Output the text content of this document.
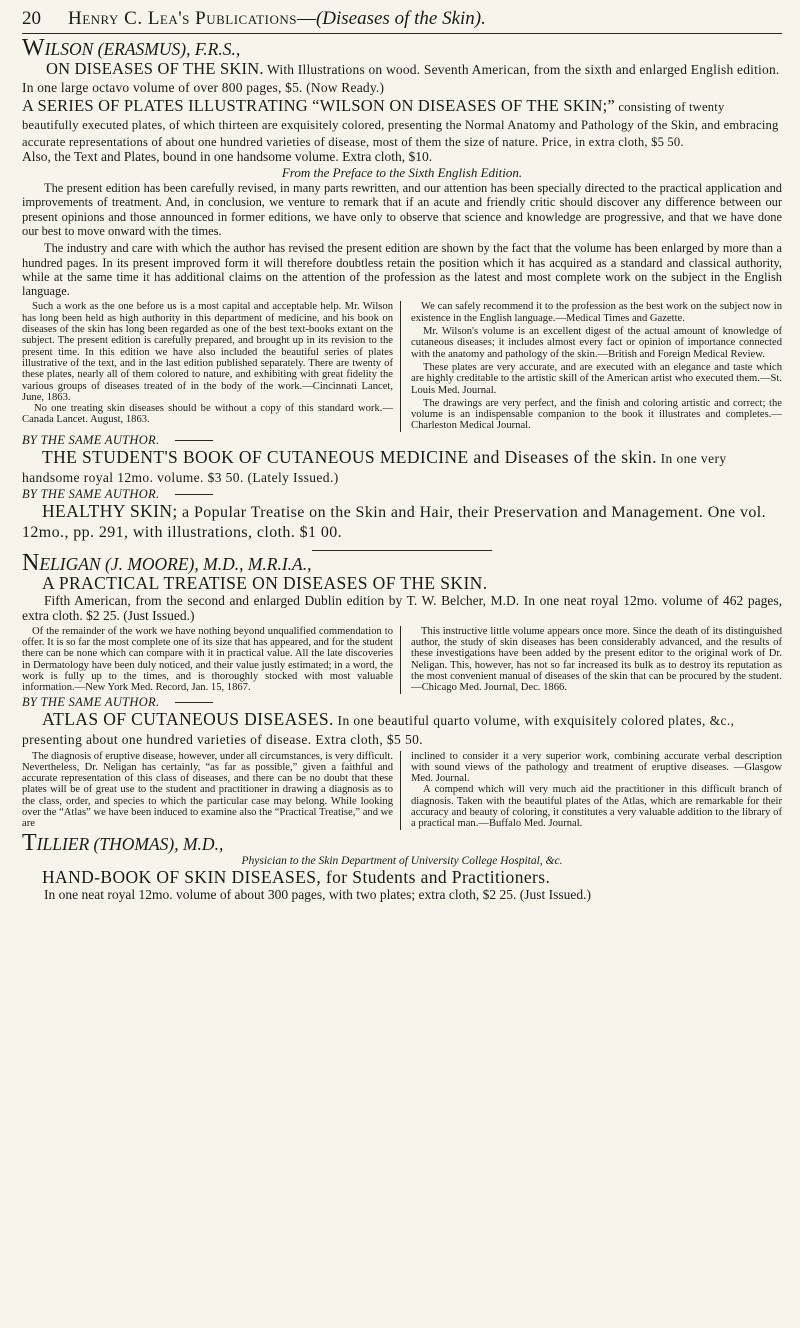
20	Henry C. Lea's Publications — (Diseases of the Skin).

WILSON (ERASMUS), F.R.S.,

ON DISEASES OF THE SKIN. With Illustrations on wood. Seventh American, from the sixth and enlarged English edition. In one large octavo volume of over 800 pages, $5. (Now Ready.)

A SERIES OF PLATES ILLUSTRATING “WILSON ON DISEASES OF THE SKIN;” consisting of twenty beautifully executed plates, of which thirteen are exquisitely colored, presenting the Normal Anatomy and Pathology of the Skin, and embracing accurate representations of about one hundred varieties of disease, most of them the size of nature. Price, in extra cloth, $5 50.

Also, the Text and Plates, bound in one handsome volume. Extra cloth, $10.

From the Preface to the Sixth English Edition.

The present edition has been carefully revised, in many parts rewritten, and our attention has been specially directed to the practical application and improvements of treatment. And, in conclusion, we venture to remark that if an acute and friendly critic should discover any difference between our present opinions and those announced in former editions, we have only to observe that science and knowledge are progressive, and that we have done our best to move onward with the times.

The industry and care with which the author has revised the present edition are shown by the fact that the volume has been enlarged by more than a hundred pages. In its present improved form it will therefore doubtless retain the position which it has acquired as a standard and classical authority, while at the same time it has additional claims on the attention of the profession as the latest and most complete work on the subject in the English language.

Such a work as the one before us is a most capital and acceptable help. Mr. Wilson has long been held as high authority in this department of medicine, and his book on diseases of the skin has long been regarded as one of the best text-books extant on the subject. The present edition is carefully prepared, and brought up in its revision to the present time. In this edition we have also included the beautiful series of plates illustrative of the text, and in the last edition published separately. There are twenty of these plates, nearly all of them colored to nature, and exhibiting with great fidelity the various groups of diseases treated of in the body of the work.—Cincinnati Lancet, June, 1863.

No one treating skin diseases should be without a copy of this standard work.— Canada Lancet. August, 1863.

We can safely recommend it to the profession as the best work on the subject now in existence in the English language.—Medical Times and Gazette.

Mr. Wilson's volume is an excellent digest of the actual amount of knowledge of cutaneous diseases; it includes almost every fact or opinion of importance connected with the anatomy and pathology of the skin.—British and Foreign Medical Review.

These plates are very accurate, and are executed with an elegance and taste which are highly creditable to the artistic skill of the American artist who executed them.—St. Louis Med. Journal.

The drawings are very perfect, and the finish and coloring artistic and correct; the volume is an indispensable companion to the book it illustrates and completes.—Charleston Medical Journal.

BY THE SAME AUTHOR.

THE STUDENT'S BOOK OF CUTANEOUS MEDICINE and Diseases of the skin. In one very handsome royal 12mo. volume. $3 50. (Lately Issued.)

BY THE SAME AUTHOR.

HEALTHY SKIN; a Popular Treatise on the Skin and Hair, their Preservation and Management. One vol. 12mo., pp. 291, with illustrations, cloth. $1 00.

NELIGAN (J. MOORE), M.D., M.R.I.A.,

A PRACTICAL TREATISE ON DISEASES OF THE SKIN.

Fifth American, from the second and enlarged Dublin edition by T. W. Belcher, M.D. In one neat royal 12mo. volume of 462 pages, extra cloth. $2 25. (Just Issued.)

Of the remainder of the work we have nothing beyond unqualified commendation to offer. It is so far the most complete one of its size that has appeared, and for the student there can be none which can compare with it in practical value. All the late discoveries in Dermatology have been duly noticed, and their value justly estimated; in a word, the work is fully up to the times, and is thoroughly stocked with most valuable information.—New York Med. Record, Jan. 15, 1867.

This instructive little volume appears once more. Since the death of its distinguished author, the study of skin diseases has been considerably advanced, and the results of these investigations have been added by the present editor to the original work of Dr. Neligan. This, however, has not so far increased its bulk as to destroy its reputation as the most convenient manual of diseases of the skin that can be procured by the student.—Chicago Med. Journal, Dec. 1866.

BY THE SAME AUTHOR.

ATLAS OF CUTANEOUS DISEASES. In one beautiful quarto volume, with exquisitely colored plates, &c., presenting about one hundred varieties of disease. Extra cloth, $5 50.

The diagnosis of eruptive disease, however, under all circumstances, is very difficult. Nevertheless, Dr. Neligan has certainly, “as far as possible,” given a faithful and accurate representation of this class of diseases, and there can be no doubt that these plates will be of great use to the student and practitioner in drawing a diagnosis as to the class, order, and species to which the particular case may belong. While looking over the “Atlas” we have been induced to examine also the “Practical Treatise,” and we are

inclined to consider it a very superior work, combining accurate verbal description with sound views of the pathology and treatment of eruptive diseases. —Glasgow Med. Journal.

A compend which will very much aid the practitioner in this difficult branch of diagnosis. Taken with the beautiful plates of the Atlas, which are remarkable for their accuracy and beauty of coloring, it constitutes a very valuable addition to the library of a practical man.—Buffalo Med. Journal.

TILLIER (THOMAS), M.D.,

Physician to the Skin Department of University College Hospital, &c.

HAND-BOOK OF SKIN DISEASES, for Students and Practitioners.

In one neat royal 12mo. volume of about 300 pages, with two plates; extra cloth, $2 25. (Just Issued.)
